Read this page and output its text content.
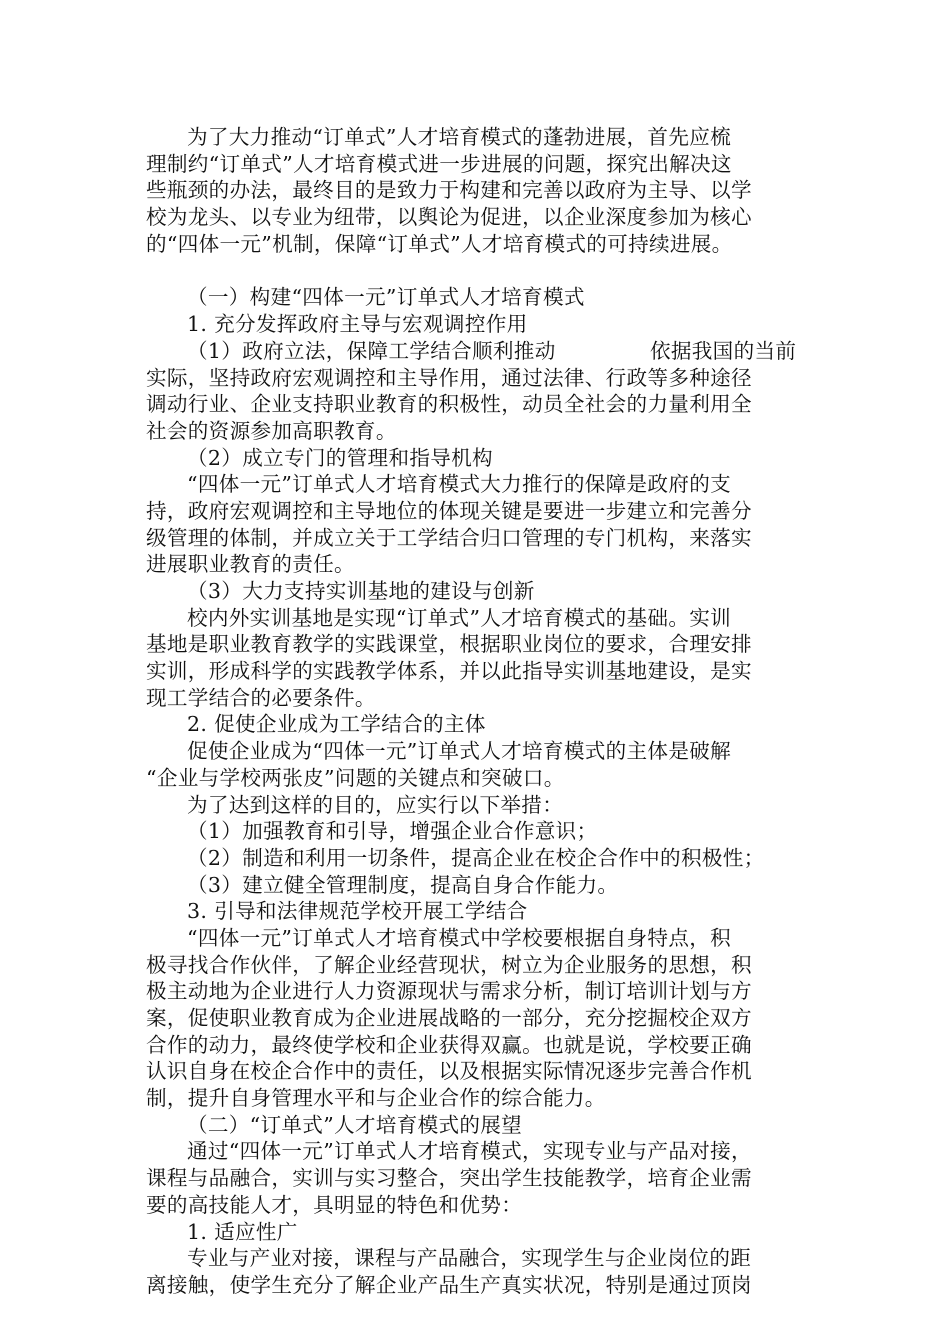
为了大力推动“订单式”人才培育模式的蓬勃进展，首先应梳
理制约“订单式”人才培育模式进一步进展的问题，探究出解决这
些瓶颈的办法，最终目的是致力于构建和完善以政府为主导、以学
校为龙头、以专业为纽带，以舆论为促进，以企业深度参加为核心
的“四体一元”机制，保障“订单式”人才培育模式的可持续进展。
（一）构建“四体一元”订单式人才培育模式
1. 充分发挥政府主导与宏观调控作用
（1）政府立法，保障工学结合顺利推动	依据我国的当前
实际，坚持政府宏观调控和主导作用，通过法律、行政等多种途径
调动行业、企业支持职业教育的积极性，动员全社会的力量利用全
社会的资源参加高职教育。
（2）成立专门的管理和指导机构
“四体一元”订单式人才培育模式大力推行的保障是政府的支
持，政府宏观调控和主导地位的体现关键是要进一步建立和完善分
级管理的体制，并成立关于工学结合归口管理的专门机构，来落实
进展职业教育的责任。
（3）大力支持实训基地的建设与创新
校内外实训基地是实现“订单式”人才培育模式的基础。实训
基地是职业教育教学的实践课堂，根据职业岗位的要求，合理安排
实训，形成科学的实践教学体系，并以此指导实训基地建设，是实
现工学结合的必要条件。
2. 促使企业成为工学结合的主体
促使企业成为“四体一元”订单式人才培育模式的主体是破解
“企业与学校两张皮”问题的关键点和突破口。
为了达到这样的目的，应实行以下举措：
（1）加强教育和引导，增强企业合作意识；
（2）制造和利用一切条件，提高企业在校企合作中的积极性；
（3）建立健全管理制度，提高自身合作能力。
3. 引导和法律规范学校开展工学结合
“四体一元”订单式人才培育模式中学校要根据自身特点，积
极寻找合作伙伴，了解企业经营现状，树立为企业服务的思想，积
极主动地为企业进行人力资源现状与需求分析，制订培训计划与方
案，促使职业教育成为企业进展战略的一部分，充分挖掘校企双方
合作的动力，最终使学校和企业获得双赢。也就是说，学校要正确
认识自身在校企合作中的责任，以及根据实际情况逐步完善合作机
制，提升自身管理水平和与企业合作的综合能力。
（二）“订单式”人才培育模式的展望
通过“四体一元”订单式人才培育模式，实现专业与产品对接，
课程与品融合，实训与实习整合，突出学生技能教学，培育企业需
要的高技能人才，具明显的特色和优势：
1. 适应性广
专业与产业对接，课程与产品融合，实现学生与企业岗位的距
离接触，使学生充分了解企业产品生产真实状况，特别是通过顶岗
